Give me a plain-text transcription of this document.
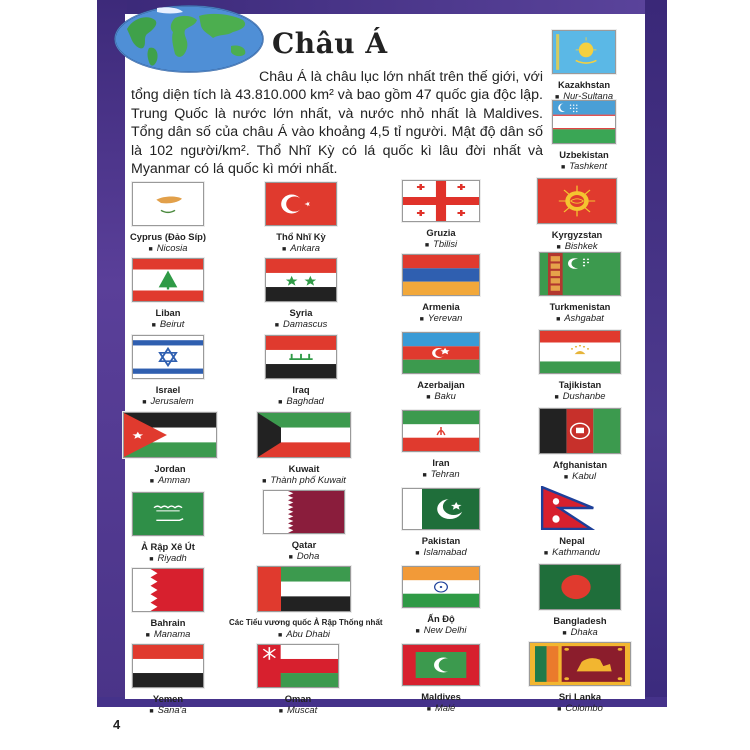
Châu Á
Châu Á là châu lục lớn nhất trên thế giới, với tổng diện tích là 43.810.000 km² và bao gồm 47 quốc gia độc lập. Trung Quốc là nước lớn nhất, và nước nhỏ nhất là Maldives. Tổng dân số của châu Á vào khoảng 4,5 tỉ người. Mật độ dân số là 102 người/km². Thổ Nhĩ Kỳ có lá quốc kì lâu đời nhất và Myanmar có lá quốc kì mới nhất.
Kazakhstan
■ Nur-Sultana
Uzbekistan
■ Tashkent
Cyprus (Đảo Síp)
■ Nicosia
Thổ Nhĩ Kỳ
■ Ankara
Gruzia
■ Tbilisi
Kyrgyzstan
■ Bishkek
Liban
■ Beirut
Syria
■ Damascus
Armenia
■ Yerevan
Turkmenistan
■ Ashgabat
Israel
■ Jerusalem
Iraq
■ Baghdad
Azerbaijan
■ Baku
Tajikistan
■ Dushanbe
Jordan
■ Amman
Kuwait
■ Thành phố Kuwait
Iran
■ Tehran
Afghanistan
■ Kabul
Ả Rập Xê Út
■ Riyadh
Qatar
■ Doha
Pakistan
■ Islamabad
Nepal
■ Kathmandu
Bahrain
■ Manama
Các Tiểu vương quốc Ả Rập Thống nhất
■ Abu Dhabi
Ấn Độ
■ New Delhi
Bangladesh
■ Dhaka
Yemen
■ Sana'a
Oman
■ Muscat
Maldives
■ Malé
Sri Lanka
■ Colombo
4
